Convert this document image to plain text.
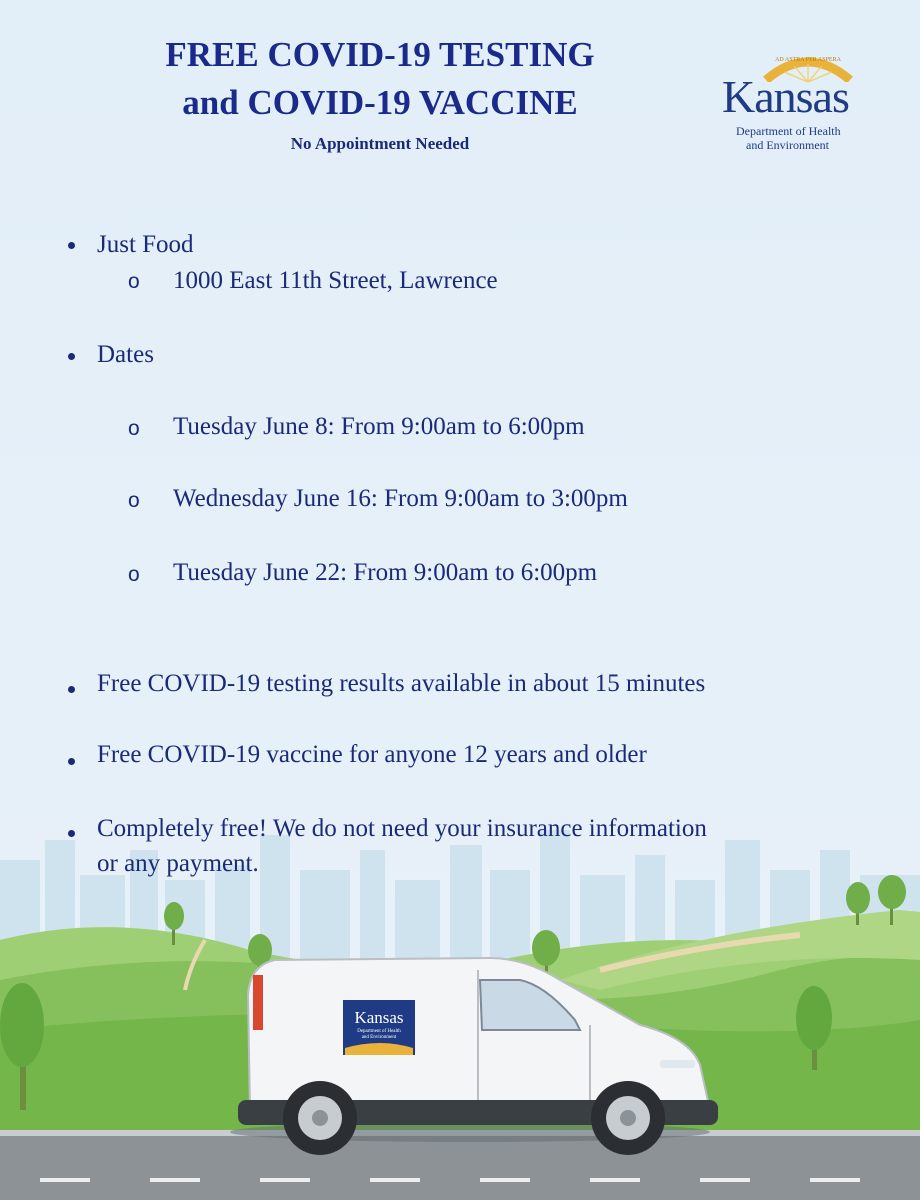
FREE COVID-19 TESTING
and COVID-19 VACCINE
No Appointment Needed
AD ASTRA PER ASPERA
Kansas
Department of Health
and Environment
Just Food
o 1000 East 11th Street, Lawrence
Dates
o Tuesday June 8: From 9:00am to 6:00pm
o Wednesday June 16: From 9:00am to 3:00pm
o Tuesday June 22: From 9:00am to 6:00pm
Free COVID-19 testing results available in about 15 minutes
Free COVID-19 vaccine for anyone 12 years and older
Kansas
Department of Health
and Environment
Completely free! We do not need your insurance information
or any payment.
